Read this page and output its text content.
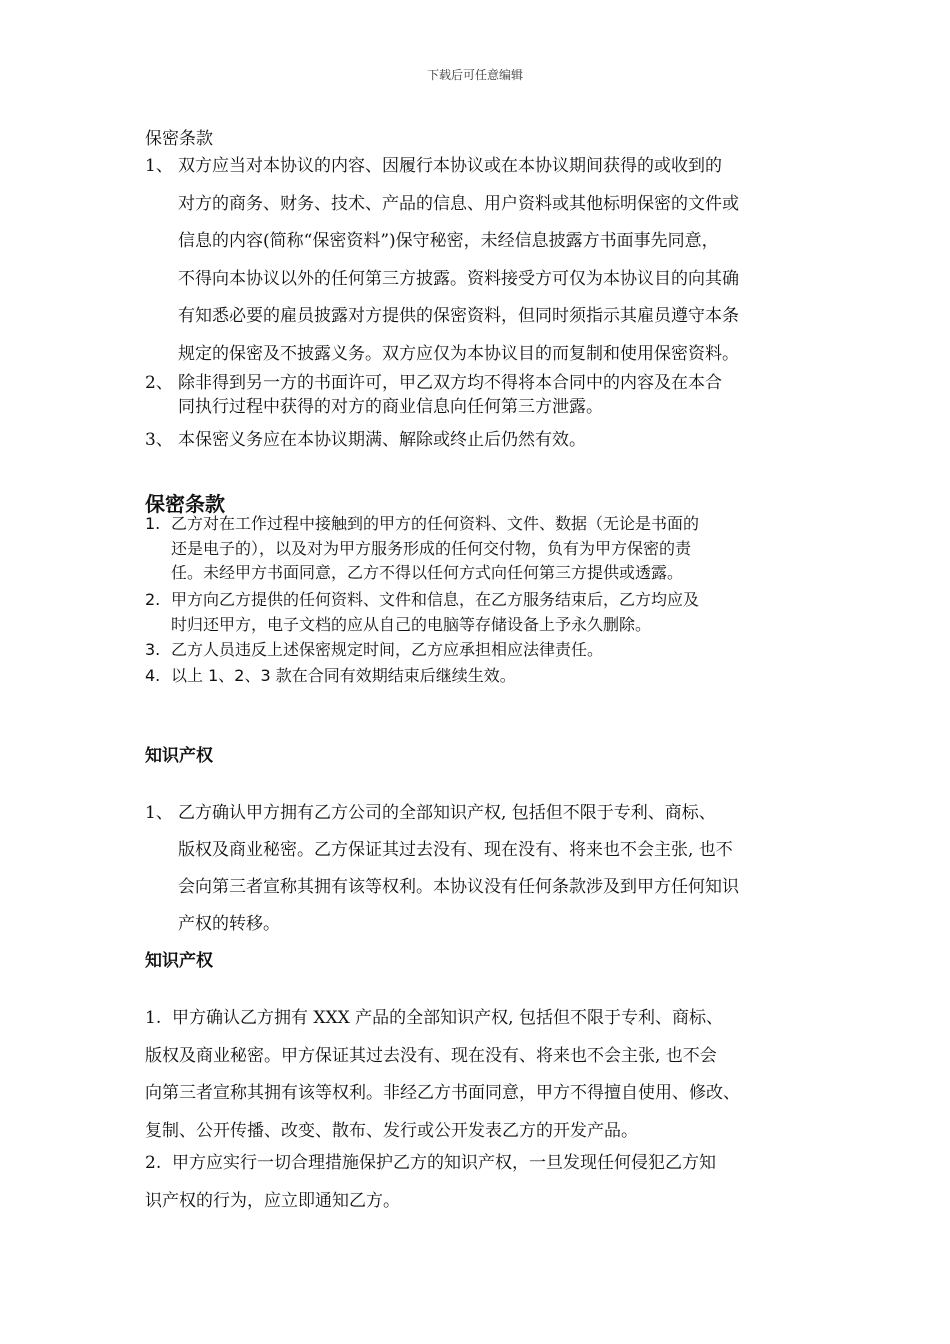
下载后可任意编辑
保密条款
1、 双方应当对本协议的内容、因履行本协议或在本协议期间获得的或收到的
对方的商务、财务、技术、产品的信息、用户资料或其他标明保密的文件或
信息的内容(简称“保密资料”)保守秘密，未经信息披露方书面事先同意，
不得向本协议以外的任何第三方披露。资料接受方可仅为本协议目的向其确
有知悉必要的雇员披露对方提供的保密资料，但同时须指示其雇员遵守本条
规定的保密及不披露义务。双方应仅为本协议目的而复制和使用保密资料。
2、 除非得到另一方的书面许可，甲乙双方均不得将本合同中的内容及在本合
同执行过程中获得的对方的商业信息向任何第三方泄露。
3、 本保密义务应在本协议期满、解除或终止后仍然有效。
保密条款
1. 乙方对在工作过程中接触到的甲方的任何资料、文件、数据（无论是书面的
还是电子的），以及对为甲方服务形成的任何交付物，负有为甲方保密的责
任。未经甲方书面同意，乙方不得以任何方式向任何第三方提供或透露。
2. 甲方向乙方提供的任何资料、文件和信息，在乙方服务结束后，乙方均应及
时归还甲方，电子文档的应从自己的电脑等存储设备上予永久删除。
3. 乙方人员违反上述保密规定时间，乙方应承担相应法律责任。
4. 以上 1、2、3 款在合同有效期结束后继续生效。
知识产权
1、 乙方确认甲方拥有乙方公司的全部知识产权, 包括但不限于专利、商标、
版权及商业秘密。乙方保证其过去没有、现在没有、将来也不会主张, 也不
会向第三者宣称其拥有该等权利。本协议没有任何条款涉及到甲方任何知识
产权的转移。
知识产权
1.  甲方确认乙方拥有 XXX 产品的全部知识产权, 包括但不限于专利、商标、
版权及商业秘密。甲方保证其过去没有、现在没有、将来也不会主张, 也不会
向第三者宣称其拥有该等权利。非经乙方书面同意，甲方不得擅自使用、修改、
复制、公开传播、改变、散布、发行或公开发表乙方的开发产品。
2.  甲方应实行一切合理措施保护乙方的知识产权，一旦发现任何侵犯乙方知
识产权的行为，应立即通知乙方。
